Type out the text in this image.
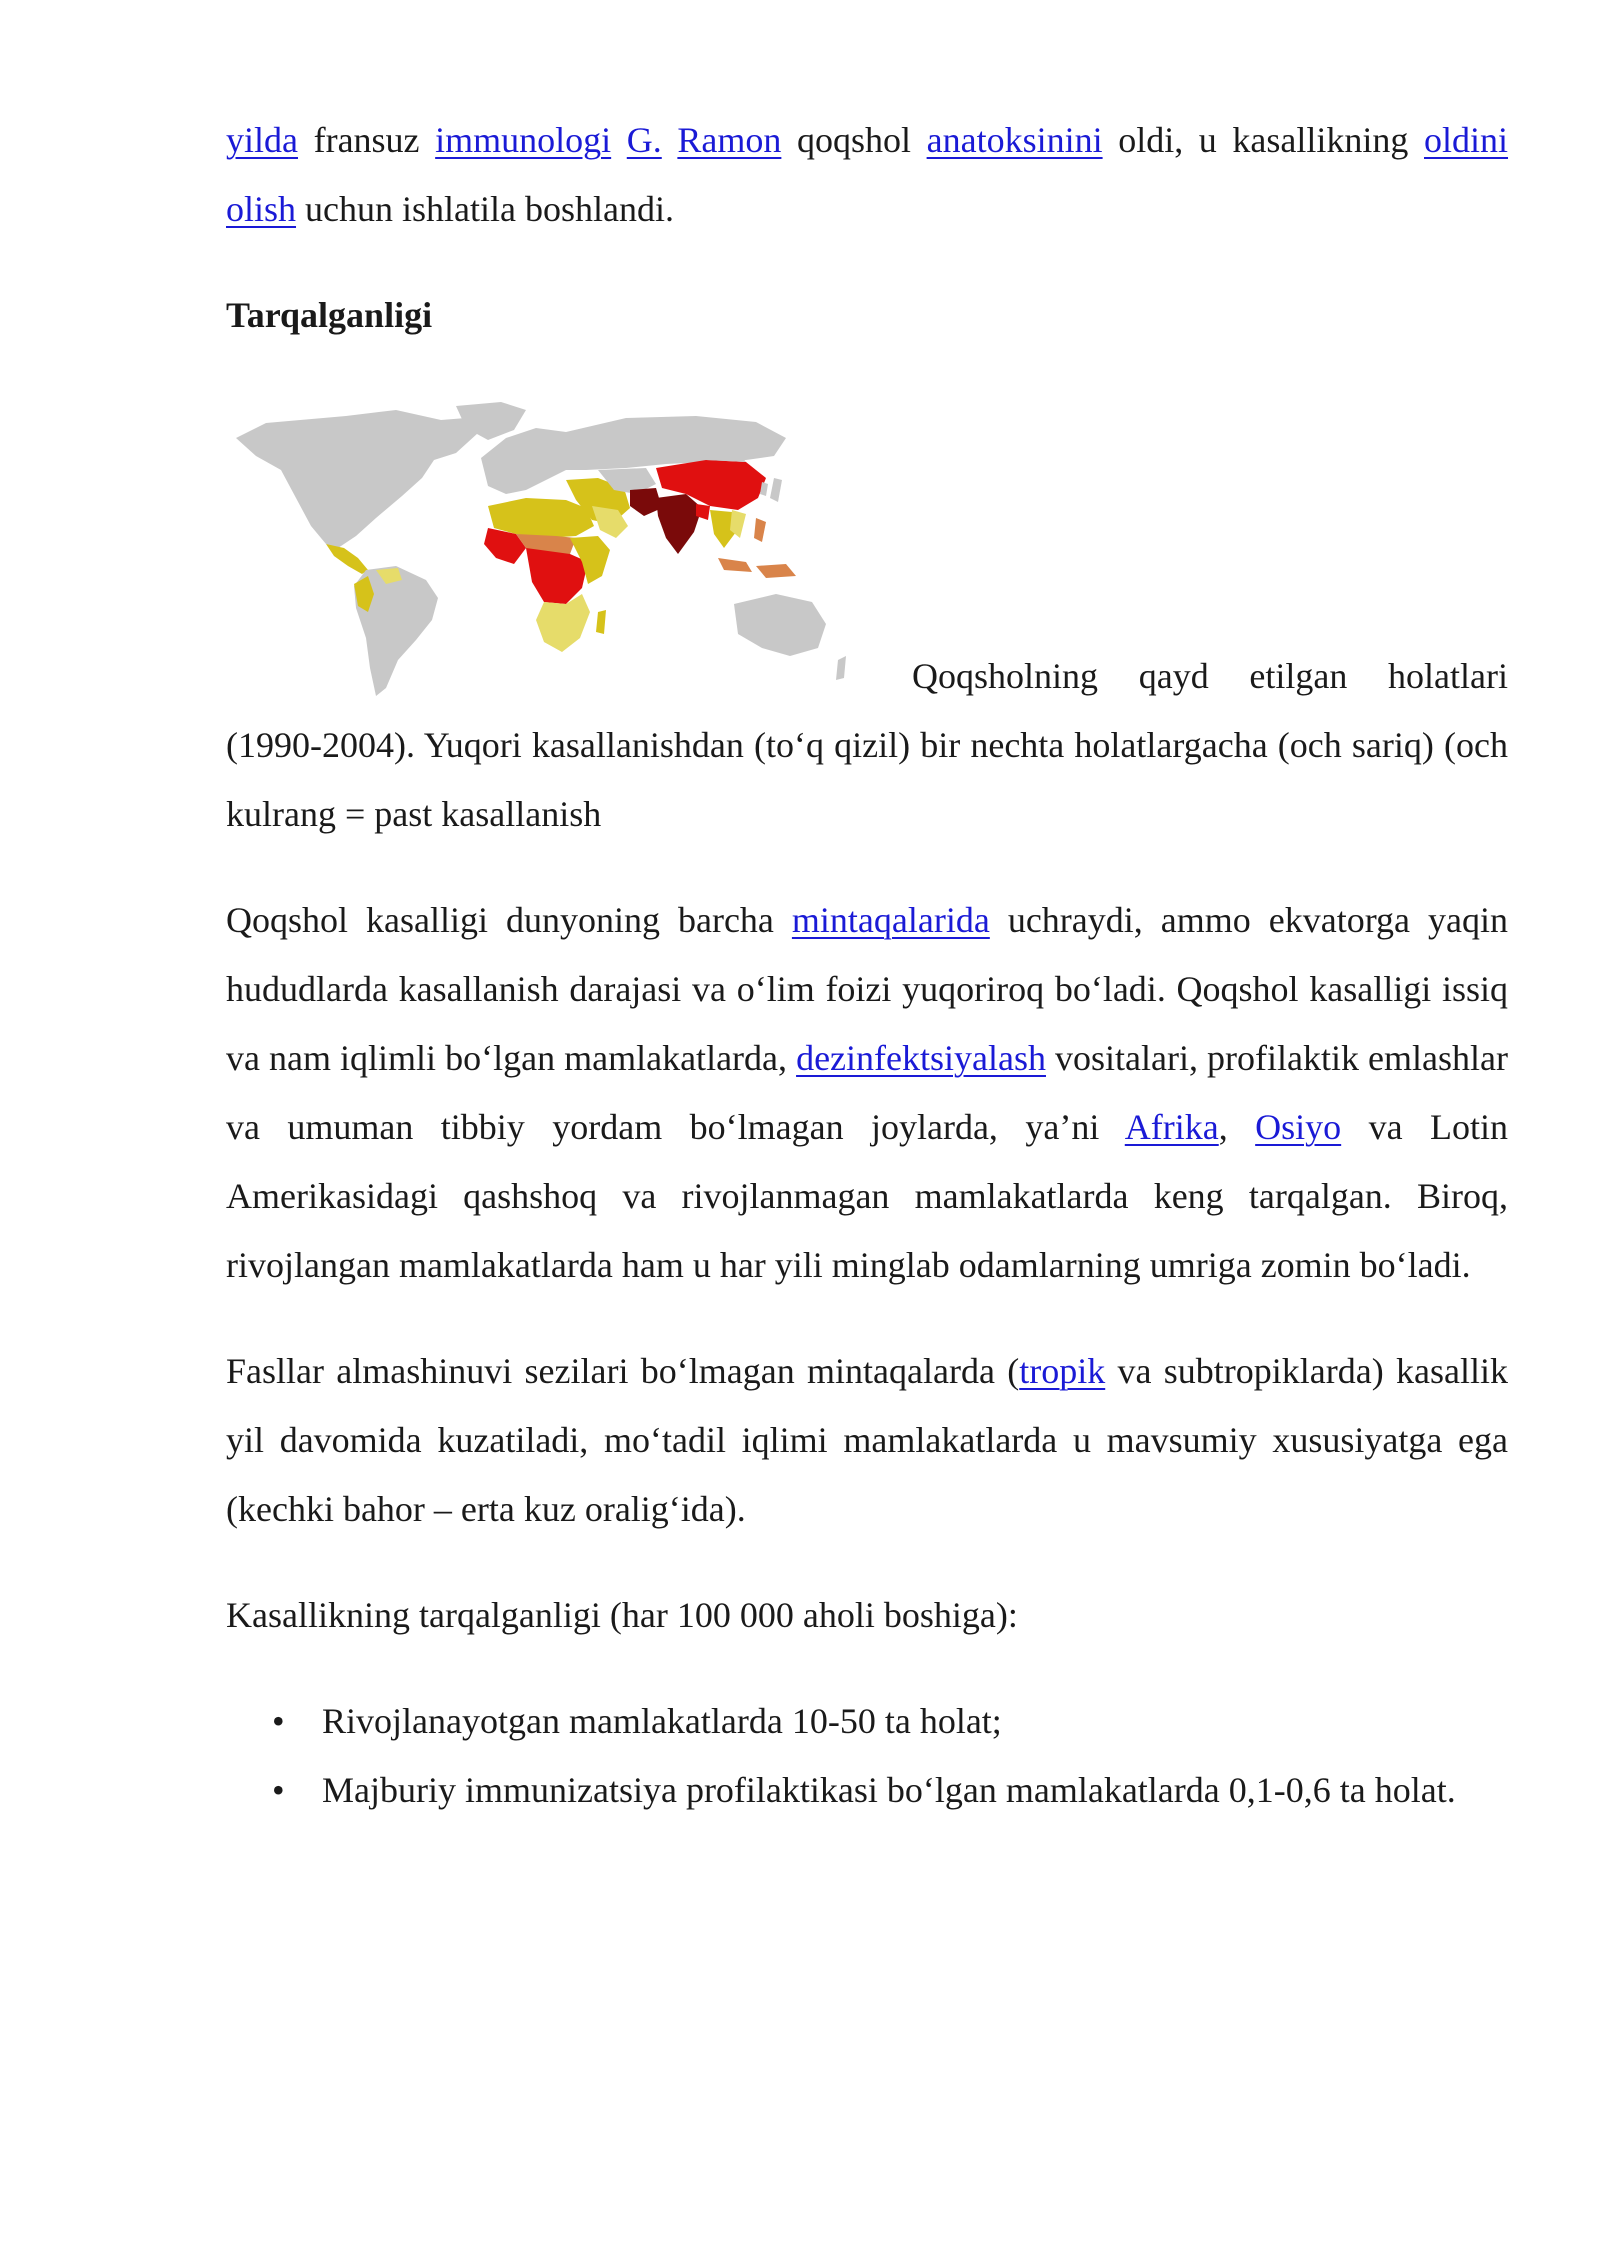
yilda fransuz immunologi G. Ramon qoqshol anatoksinini oldi, u kasallikning oldini olish uchun ishlatila boshlandi.

Tarqalganligi

Qoqsholning qayd etilgan holatlari
(1990-2004). Yuqori kasallanishdan (to‘q qizil) bir nechta holatlargacha (och sariq) (och kulrang = past kasallanish

Qoqshol kasalligi dunyoning barcha mintaqalarida uchraydi, ammo ekvatorga yaqin hududlarda kasallanish darajasi va o‘lim foizi yuqoriroq bo‘ladi. Qoqshol kasalligi issiq va nam iqlimli bo‘lgan mamlakatlarda, dezinfektsiyalash vositalari, profilaktik emlashlar va umuman tibbiy yordam bo‘lmagan joylarda, ya’ni Afrika, Osiyo va Lotin Amerikasidagi qashshoq va rivojlanmagan mamlakatlarda keng tarqalgan. Biroq, rivojlangan mamlakatlarda ham u har yili minglab odamlarning umriga zomin bo‘ladi.

Fasllar almashinuvi sezilari bo‘lmagan mintaqalarda (tropik va subtropiklarda) kasallik yil davomida kuzatiladi, mo‘tadil iqlimi mamlakatlarda u mavsumiy xususiyatga ega (kechki bahor – erta kuz oralig‘ida).

Kasallikning tarqalganligi (har 100 000 aholi boshiga):

• Rivojlanayotgan mamlakatlarda 10-50 ta holat;
• Majburiy immunizatsiya profilaktikasi bo‘lgan mamlakatlarda 0,1-0,6 ta holat.
